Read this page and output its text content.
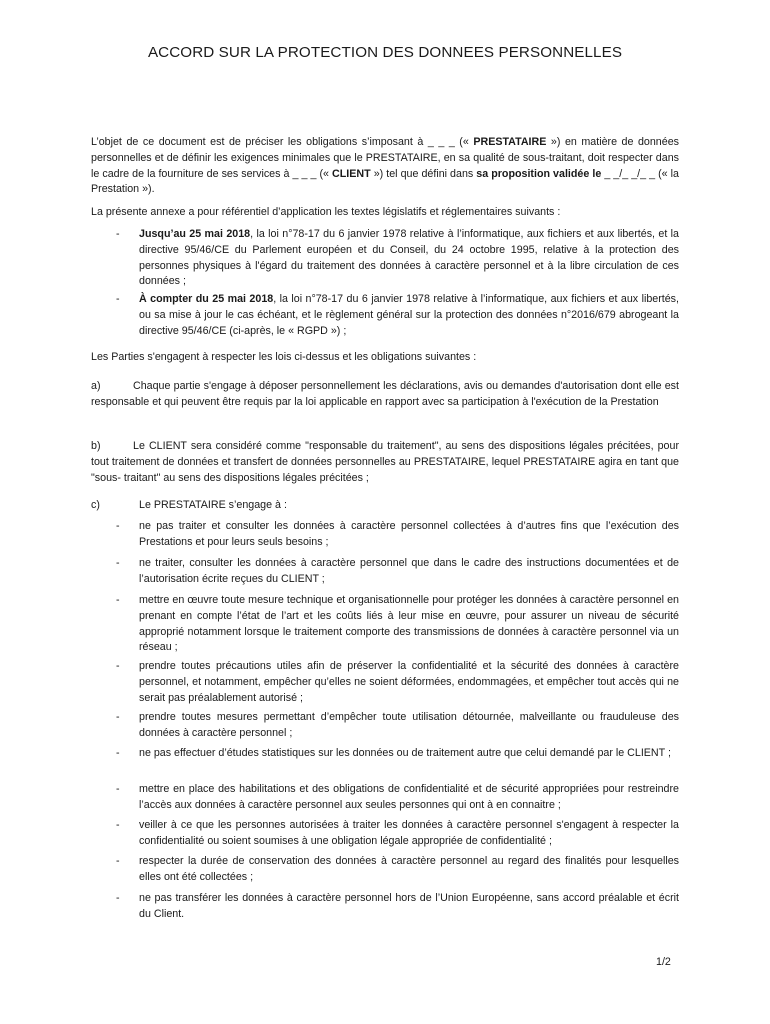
ACCORD SUR LA PROTECTION DES DONNEES PERSONNELLES
L’objet de ce document est de préciser les obligations s’imposant à _ _ _ (« PRESTATAIRE ») en matière de données personnelles et de définir les exigences minimales que le PRESTATAIRE, en sa qualité de sous-traitant, doit respecter dans le cadre de la fourniture de ses services à _ _ _ (« CLIENT ») tel que défini dans sa proposition validée le _ _/_ _/_ _ (« la Prestation »).
La présente annexe a pour référentiel d’application les textes législatifs et réglementaires suivants :
- Jusqu’au 25 mai 2018, la loi n°78-17 du 6 janvier 1978 relative à l’informatique, aux fichiers et aux libertés, et la directive 95/46/CE du Parlement européen et du Conseil, du 24 octobre 1995, relative à la protection des personnes physiques à l'égard du traitement des données à caractère personnel et à la libre circulation de ces données ;
- À compter du 25 mai 2018, la loi n°78-17 du 6 janvier 1978 relative à l’informatique, aux fichiers et aux libertés, ou sa mise à jour le cas échéant, et le règlement général sur la protection des données n°2016/679 abrogeant la directive 95/46/CE (ci-après, le « RGPD ») ;
Les Parties s'engagent à respecter les lois ci-dessus et les obligations suivantes :
a)	Chaque partie s'engage à déposer personnellement les déclarations, avis ou demandes d'autorisation dont elle est responsable et qui peuvent être requis par la loi applicable en rapport avec sa participation à l'exécution de la Prestation
b)	Le CLIENT sera considéré comme "responsable du traitement", au sens des dispositions légales précitées, pour tout traitement de données et transfert de données personnelles au PRESTATAIRE, lequel PRESTATAIRE agira en tant que "sous- traitant" au sens des dispositions légales précitées ;
c)	Le PRESTATAIRE s’engage à :
- ne pas traiter et consulter les données à caractère personnel collectées à d’autres fins que l’exécution des Prestations et pour leurs seuls besoins ;
- ne traiter, consulter les données à caractère personnel que dans le cadre des instructions documentées et de l’autorisation écrite reçues du CLIENT ;
- mettre en œuvre toute mesure technique et organisationnelle pour protéger les données à caractère personnel en prenant en compte l’état de l’art et les coûts liés à leur mise en œuvre, pour assurer un niveau de sécurité approprié notamment lorsque le traitement comporte des transmissions de données à caractère personnel via un réseau ;
- prendre toutes précautions utiles afin de préserver la confidentialité et la sécurité des données à caractère personnel, et notamment, empêcher qu’elles ne soient déformées, endommagées, et empêcher tout accès qui ne serait pas préalablement autorisé ;
- prendre toutes mesures permettant d’empêcher toute utilisation détournée, malveillante ou frauduleuse des données à caractère personnel ;
- ne pas effectuer d’études statistiques sur les données ou de traitement autre que celui demandé par le CLIENT ;
- mettre en place des habilitations et des obligations de confidentialité et de sécurité appropriées pour restreindre l’accès aux données à caractère personnel aux seules personnes qui ont à en connaitre ;
- veiller à ce que les personnes autorisées à traiter les données à caractère personnel s'engagent à respecter la confidentialité ou soient soumises à une obligation légale appropriée de confidentialité ;
- respecter la durée de conservation des données à caractère personnel au regard des finalités pour lesquelles elles ont été collectées ;
- ne pas transférer les données à caractère personnel hors de l’Union Européenne, sans accord préalable et écrit du Client.
1/2
